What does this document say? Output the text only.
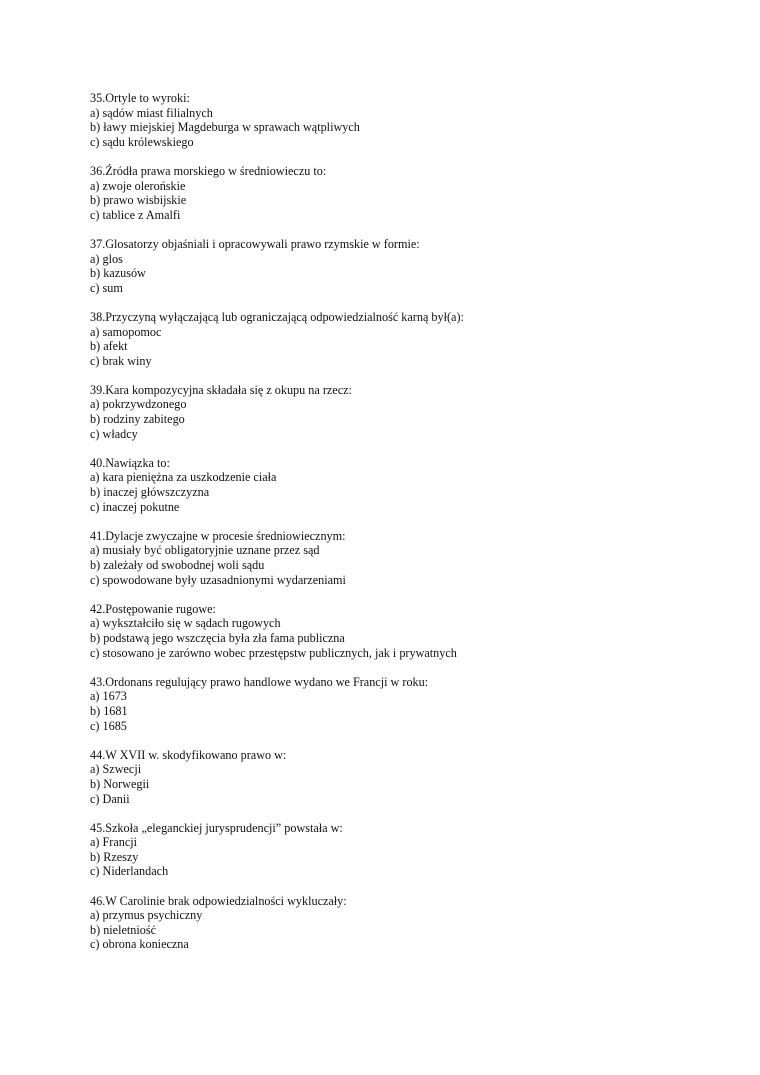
35.Ortyle to wyroki:
a) sądów miast filialnych
b) ławy miejskiej Magdeburga w sprawach wątpliwych
c) sądu królewskiego
36.Źródła prawa morskiego w średniowieczu to:
a) zwoje olerońskie
b) prawo wisbijskie
c) tablice z Amalfi
37.Glosatorzy objaśniali i opracowywali prawo rzymskie w formie:
a) glos
b) kazusów
c) sum
38.Przyczyną wyłączającą lub ograniczającą odpowiedzialność karną był(a):
a) samopomoc
b) afekt
c) brak winy
39.Kara kompozycyjna składała się z okupu na rzecz:
a) pokrzywdzonego
b) rodziny zabitego
c) władcy
40.Nawiązka to:
a) kara pieniężna za uszkodzenie ciała
b) inaczej główszczyzna
c) inaczej pokutne
41.Dylacje zwyczajne w procesie średniowiecznym:
a) musiały być obligatoryjnie uznane przez sąd
b) zależały od swobodnej woli sądu
c) spowodowane były uzasadnionymi wydarzeniami
42.Postępowanie rugowe:
a) wykształciło się w sądach rugowych
b) podstawą jego wszczęcia była zła fama publiczna
c) stosowano je zarówno wobec przestępstw publicznych, jak i prywatnych
43.Ordonans regulujący prawo handlowe wydano we Francji w roku:
a) 1673
b) 1681
c) 1685
44.W XVII w. skodyfikowano prawo w:
a) Szwecji
b) Norwegii
c) Danii
45.Szkoła „eleganckiej jurysprudencji” powstała w:
a) Francji
b) Rzeszy
c) Niderlandach
46.W Carolinie brak odpowiedzialności wykluczały:
a) przymus psychiczny
b) nieletniość
c) obrona konieczna
